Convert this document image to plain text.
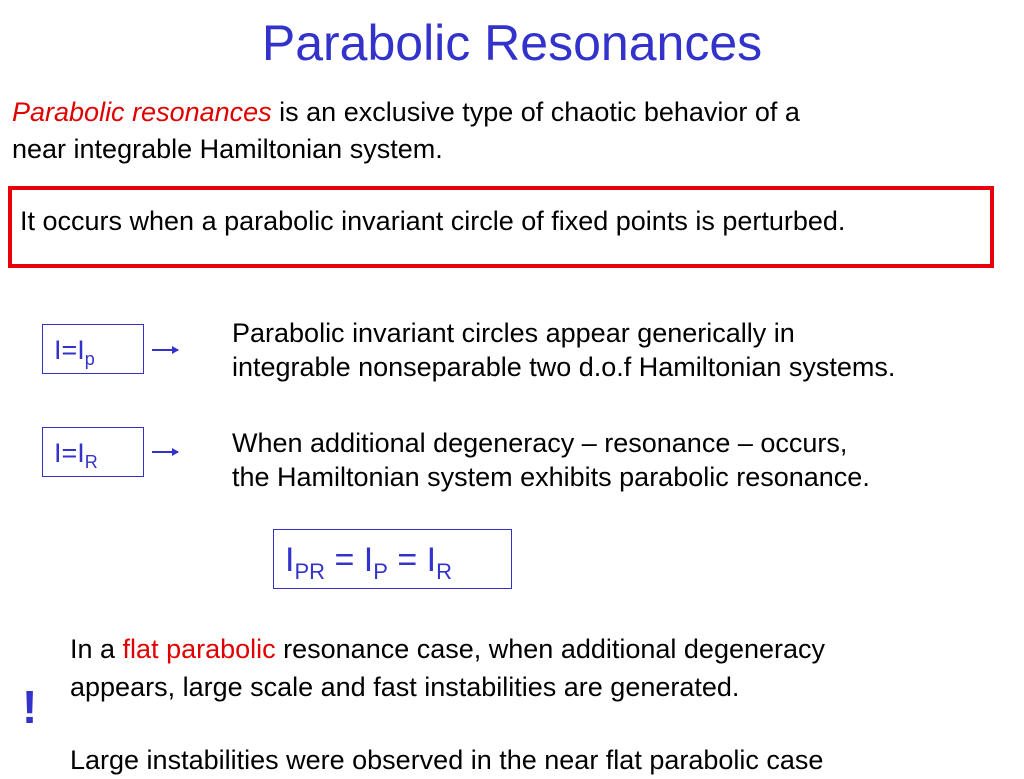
Parabolic Resonances
Parabolic resonances is an exclusive type of chaotic behavior of a
near integrable Hamiltonian system.
It occurs when a parabolic invariant circle of fixed points is perturbed.
$I=I_p$
Parabolic invariant circles appear generically in
integrable nonseparable two d.o.f Hamiltonian systems.
$I=I_R$
When additional degeneracy – resonance – occurs,
the Hamiltonian system exhibits parabolic resonance.
$I_{PR} = I_P = I_R$
!
In a flat parabolic resonance case, when additional degeneracy
appears, large scale and fast instabilities are generated.
Large instabilities were observed in the near flat parabolic case
